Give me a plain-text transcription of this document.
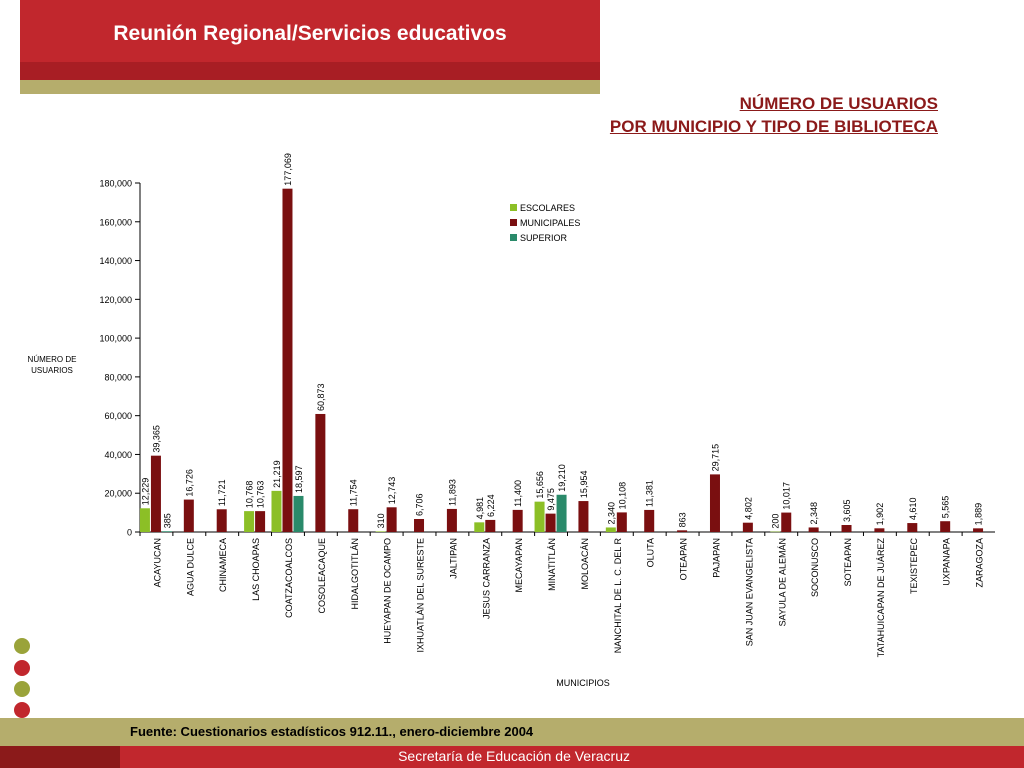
Reunión Regional/Servicios educativos
NÚMERO DE USUARIOS
POR MUNICIPIO Y TIPO DE BIBLIOTECA
0
20,000
40,000
60,000
80,000
100,000
120,000
140,000
160,000
180,000
NÚMERO DE
USUARIOS
MUNICIPIOS
ACAYUCAN
12,229
39,365
385
AGUA DULCE
16,726
CHINAMECA
11,721
LAS CHOAPAS
10,768 10,763
COATZACOALCOS
21,219
177,069
18,597
COSOLEACAQUE
60,873
HIDALGOTITLÁN
11,754
HUEYAPAN DE OCAMPO
310
12,743
IXHUATLÁN DEL SURESTE
6,706
JALTIPAN
11,893
JESUS CARRANZA
4,981 6,224
MECAYAPAN
11,400
MINATITLÁN
15,656
9,475
19,210
MOLOACÁN
15,954
NANCHITAL DE L. C. DEL R
2,340
10,108
OLUTA
11,381
OTEAPAN
863
PAJAPAN
29,715
SAN JUAN EVANGELISTA
4,802
SAYULA DE ALEMÁN
200
10,017
SOCONUSCO
2,348
SOTEAPAN
3,605
TATAHUICAPAN DE JUÁREZ
1,902
TEXISTEPEC
4,610
UXPANAPA
5,565
ZARAGOZA
1,889
ESCOLARES
MUNICIPALES
SUPERIOR
Fuente: Cuestionarios estadísticos 912.11., enero-diciembre 2004
Secretaría de Educación de Veracruz
